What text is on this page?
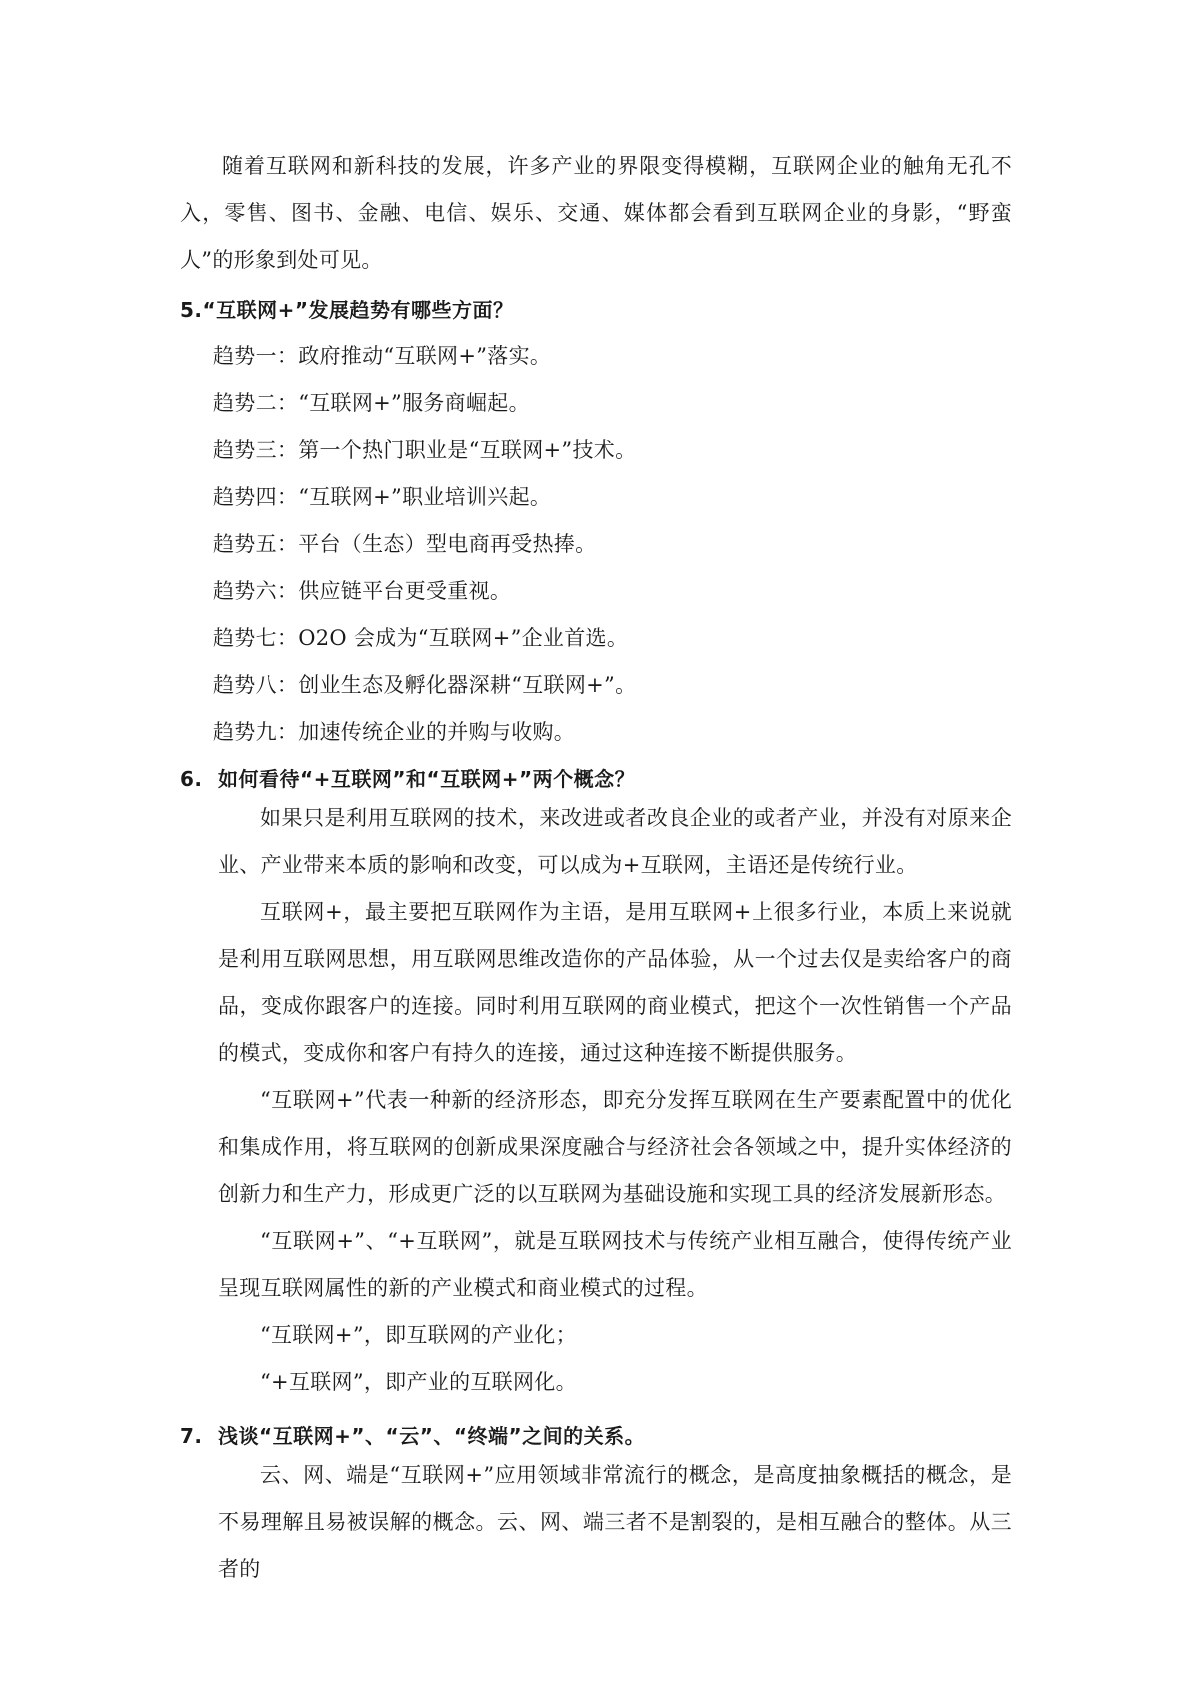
随着互联网和新科技的发展，许多产业的界限变得模糊，互联网企业的触角无孔不入，零售、图书、金融、电信、娱乐、交通、媒体都会看到互联网企业的身影，“野蛮人”的形象到处可见。

5.“互联网+”发展趋势有哪些方面？
趋势一：政府推动“互联网+”落实。
趋势二：“互联网+”服务商崛起。
趋势三：第一个热门职业是“互联网+”技术。
趋势四：“互联网+”职业培训兴起。
趋势五：平台（生态）型电商再受热捧。
趋势六：供应链平台更受重视。
趋势七：O2O 会成为“互联网+”企业首选。
趋势八：创业生态及孵化器深耕“互联网+”。
趋势九：加速传统企业的并购与收购。
6. 如何看待“+互联网”和“互联网+”两个概念？

如果只是利用互联网的技术，来改进或者改良企业的或者产业，并没有对原来企业、产业带来本质的影响和改变，可以成为+互联网，主语还是传统行业。

互联网+，最主要把互联网作为主语，是用互联网+上很多行业，本质上来说就是利用互联网思想，用互联网思维改造你的产品体验，从一个过去仅是卖给客户的商品，变成你跟客户的连接。同时利用互联网的商业模式，把这个一次性销售一个产品的模式，变成你和客户有持久的连接，通过这种连接不断提供服务。

“互联网+”代表一种新的经济形态，即充分发挥互联网在生产要素配置中的优化和集成作用，将互联网的创新成果深度融合与经济社会各领域之中，提升实体经济的创新力和生产力，形成更广泛的以互联网为基础设施和实现工具的经济发展新形态。

“互联网+”、“+互联网”，就是互联网技术与传统产业相互融合，使得传统产业呈现互联网属性的新的产业模式和商业模式的过程。

“互联网+”，即互联网的产业化；

“+互联网”，即产业的互联网化。

7. 浅谈“互联网+”、“云”、“终端”之间的关系。

云、网、端是“互联网+”应用领域非常流行的概念，是高度抽象概括的概念，是不易理解且易被误解的概念。云、网、端三者不是割裂的，是相互融合的整体。从三者的
